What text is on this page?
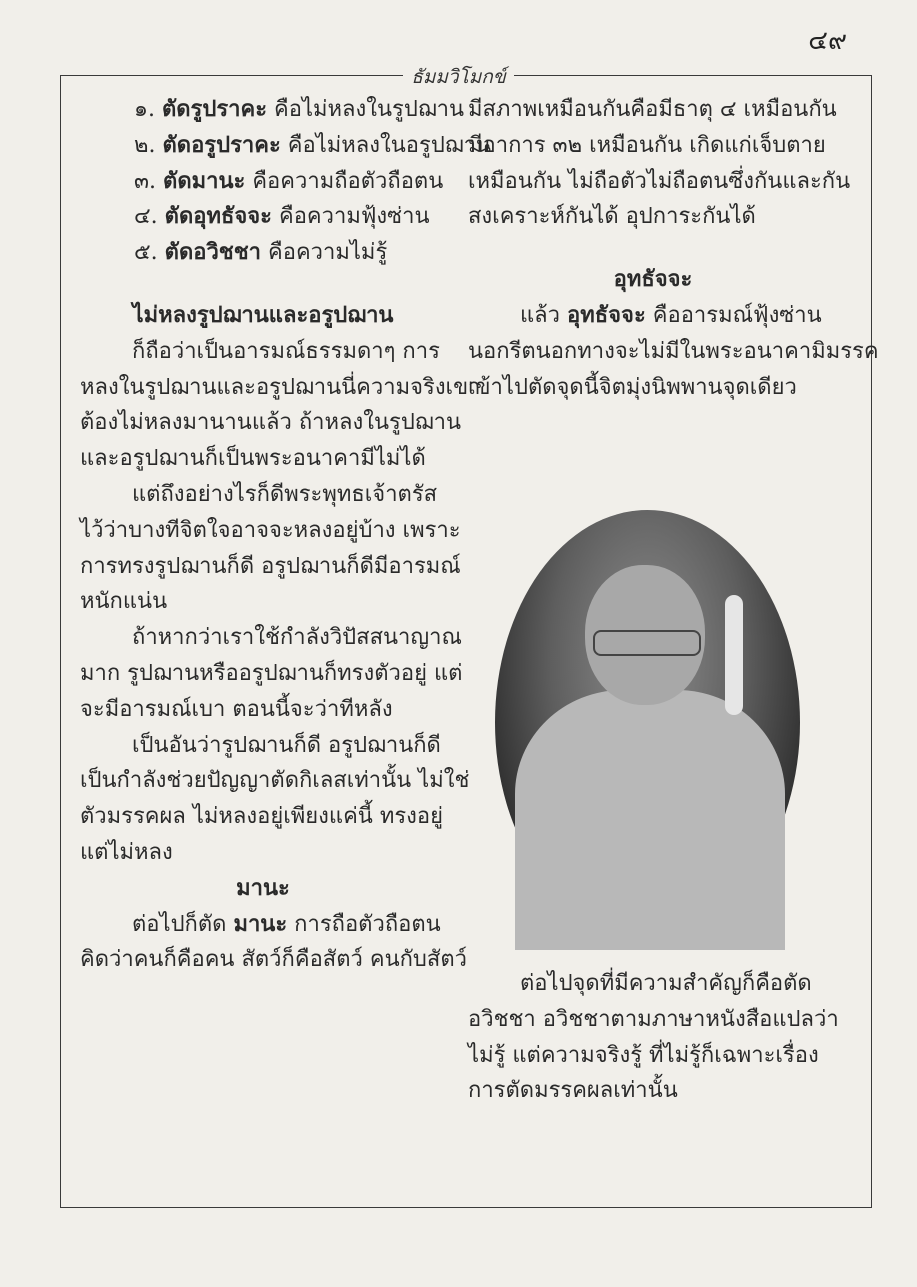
๔๙
ธัมมวิโมกข์
๑. ตัดรูปราคะ คือไม่หลงในรูปฌาน
๒. ตัดอรูปราคะ คือไม่หลงในอรูปฌาน
๓. ตัดมานะ คือความถือตัวถือตน
๔. ตัดอุทธัจจะ คือความฟุ้งซ่าน
๕. ตัดอวิชชา คือความไม่รู้
ไม่หลงรูปฌานและอรูปฌาน
ก็ถือว่าเป็นอารมณ์ธรรมดาๆ การ
หลงในรูปฌานและอรูปฌานนี่ความจริงเขา
ต้องไม่หลงมานานแล้ว ถ้าหลงในรูปฌาน
และอรูปฌานก็เป็นพระอนาคามีไม่ได้
แต่ถึงอย่างไรก็ดีพระพุทธเจ้าตรัส
ไว้ว่าบางทีจิตใจอาจจะหลงอยู่บ้าง เพราะ
การทรงรูปฌานก็ดี อรูปฌานก็ดีมีอารมณ์
หนักแน่น
ถ้าหากว่าเราใช้กำลังวิปัสสนาญาณ
มาก รูปฌานหรืออรูปฌานก็ทรงตัวอยู่ แต่
จะมีอารมณ์เบา ตอนนี้จะว่าทีหลัง
เป็นอันว่ารูปฌานก็ดี อรูปฌานก็ดี
เป็นกำลังช่วยปัญญาตัดกิเลสเท่านั้น ไม่ใช่
ตัวมรรคผล ไม่หลงอยู่เพียงแค่นี้ ทรงอยู่
แต่ไม่หลง
มานะ
ต่อไปก็ตัด มานะ การถือตัวถือตน
คิดว่าคนก็คือคน สัตว์ก็คือสัตว์ คนกับสัตว์
มีสภาพเหมือนกันคือมีธาตุ ๔ เหมือนกัน
มีอาการ ๓๒ เหมือนกัน เกิดแก่เจ็บตาย
เหมือนกัน ไม่ถือตัวไม่ถือตนซึ่งกันและกัน
สงเคราะห์กันได้ อุปการะกันได้
อุทธัจจะ
แล้ว อุทธัจจะ คืออารมณ์ฟุ้งซ่าน
นอกรีตนอกทางจะไม่มีในพระอนาคามิมรรค
เข้าไปตัดจุดนี้จิตมุ่งนิพพานจุดเดียว
ต่อไปจุดที่มีความสำคัญก็คือตัด
อวิชชา อวิชชาตามภาษาหนังสือแปลว่า
ไม่รู้ แต่ความจริงรู้ ที่ไม่รู้ก็เฉพาะเรื่อง
การตัดมรรคผลเท่านั้น
